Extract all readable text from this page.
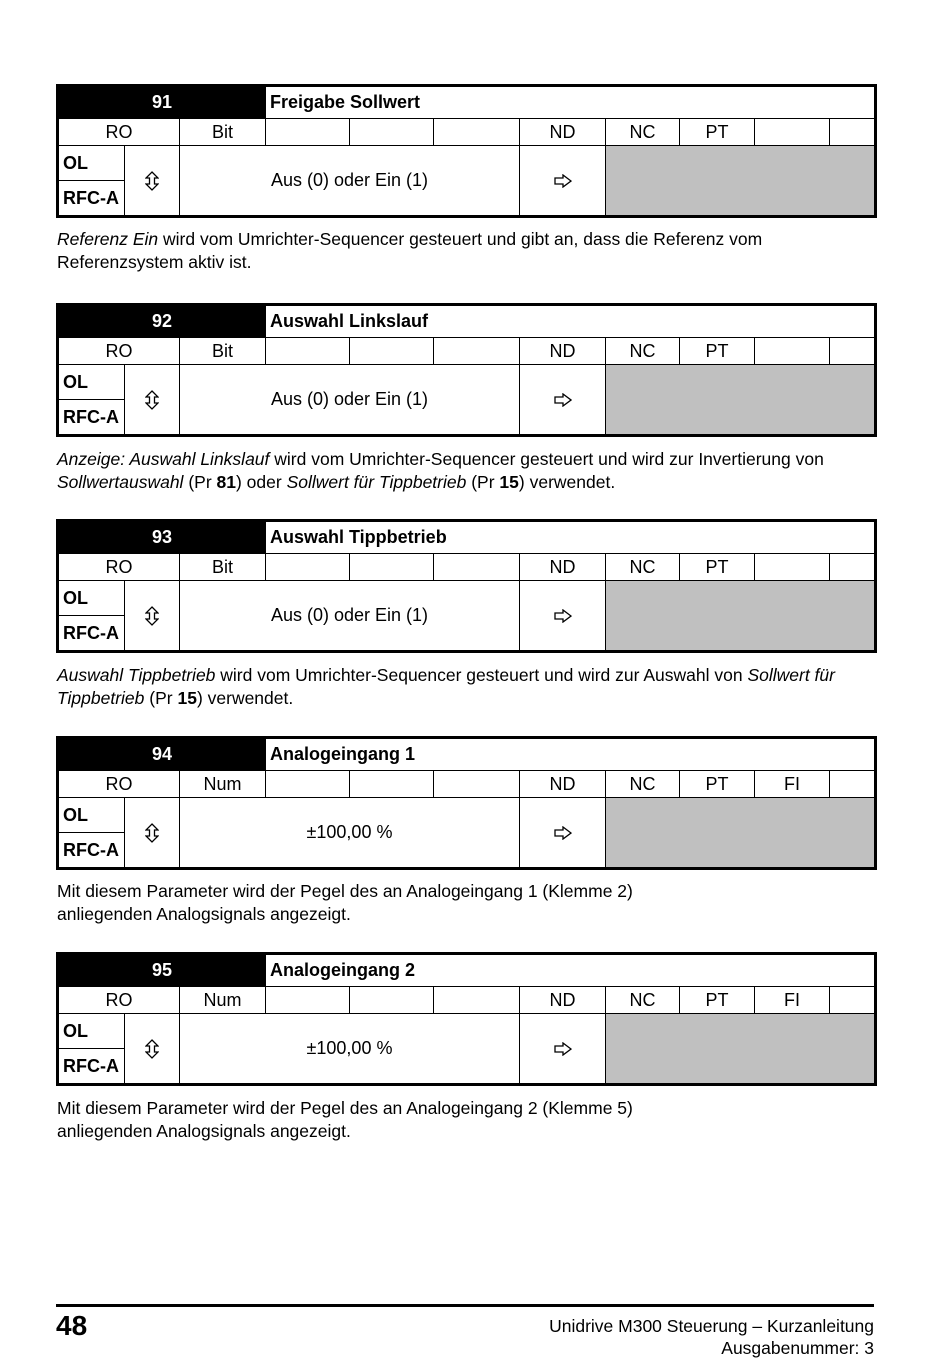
91			Freigabe Sollwert							
RO		Bit				ND	NC	PT		
OL		Aus (0) oder Ein (1)	

RFC-A										
92			Auswahl Linkslauf							
RO		Bit				ND	NC	PT		
OL		Aus (0) oder Ein (1)	

RFC-A										
93			Auswahl Tippbetrieb							
RO		Bit				ND	NC	PT		
OL		Aus (0) oder Ein (1)	

RFC-A										
94			Analogeingang 1							
RO		Num				ND	NC	PT	FI	
OL		±100,00 %	

RFC-A										
95			Analogeingang 2							
RO		Num				ND	NC	PT	FI	
OL		±100,00 %	

RFC-A										

Referenz Ein wird vom Umrichter-Sequencer gesteuert und gibt an, dass die Referenz vom Referenzsystem aktiv ist.

Anzeige: Auswahl Linkslauf wird vom Umrichter-Sequencer gesteuert und wird zur Invertierung von Sollwertauswahl (Pr 81) oder Sollwert für Tippbetrieb (Pr 15) verwendet.

Auswahl Tippbetrieb wird vom Umrichter-Sequencer gesteuert und wird zur Auswahl von Sollwert für Tippbetrieb (Pr 15) verwendet.

Mit diesem Parameter wird der Pegel des an Analogeingang 1 (Klemme 2)
anliegenden Analogsignals angezeigt.

Mit diesem Parameter wird der Pegel des an Analogeingang 2 (Klemme 5)
anliegenden Analogsignals angezeigt.

48	Unidrive M300 Steuerung – Kurzanleitung
Ausgabenummer: 3
